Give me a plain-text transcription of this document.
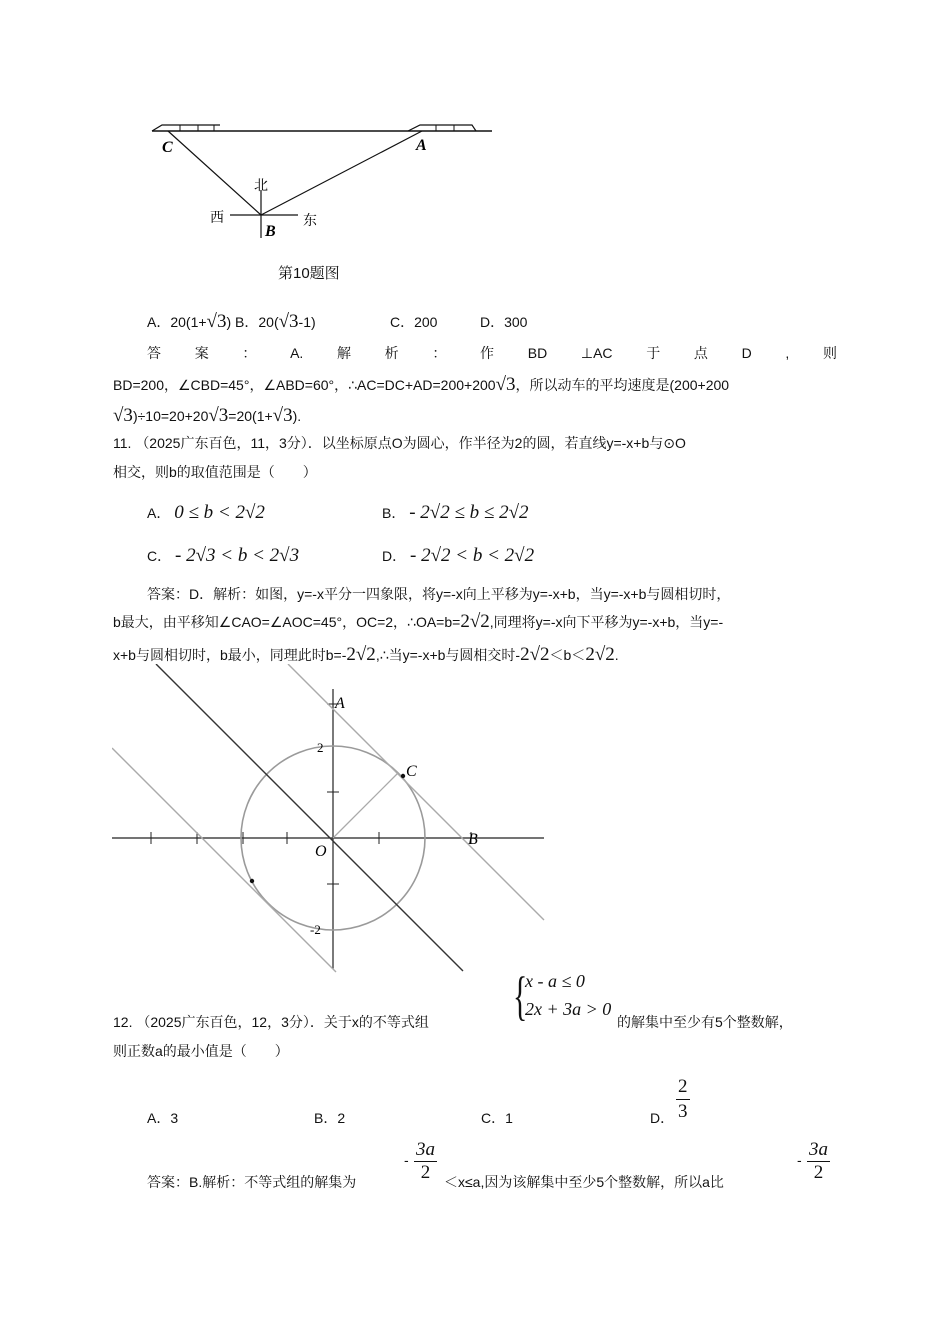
C	A
B
北
西	东
第10题图
A．20(1+√3) B．20(√3-1)	C．200	D．300
答 案 ： A. 解 析 ： 作 BD ⊥AC 于 点 D , 则
BD=200，∠CBD=45°，∠ABD=60°，∴AC=DC+AD=200+200√3，所以动车的平均速度是(200+200
√3)÷10=20+20√3=20(1+√3).
11. （2025广东百色，11，3分）．以坐标原点O为圆心，作半径为2的圆，若直线y=-x+b与⊙O
相交，则b的取值范围是（　　）
A． 0 ≤ b < 2√2	B． - 2√2 ≤ b ≤ 2√2
C． - 2√3 < b < 2√3	D． - 2√2 < b < 2√2
答案：D．解析：如图，y=-x平分一四象限，将y=-x向上平移为y=-x+b，当y=-x+b与圆相切时，
b最大，由平移知∠CAO=∠AOC=45°，OC=2，∴OA=b=2√2,同理将y=-x向下平移为y=-x+b，当y=-
x+b与圆相切时，b最小，同理此时b=-2√2,∴当y=-x+b与圆相交时-2√2＜b＜2√2.
A
B
C
O
2
-2
12. （2025广东百色，12，3分）．关于x的不等式组 {
x - a ≤ 0
2x + 3a > 0
的解集中至少有5个整数解，
则正数a的最小值是（　　）
A．3	B．2	C．1	D．
2
3
答案：B.解析：不等式组的解集为
- $\frac{3a}{2} <x\le a$,因为该解集中至少5个整数解，所以a比
- $\frac{3a}{2}$
